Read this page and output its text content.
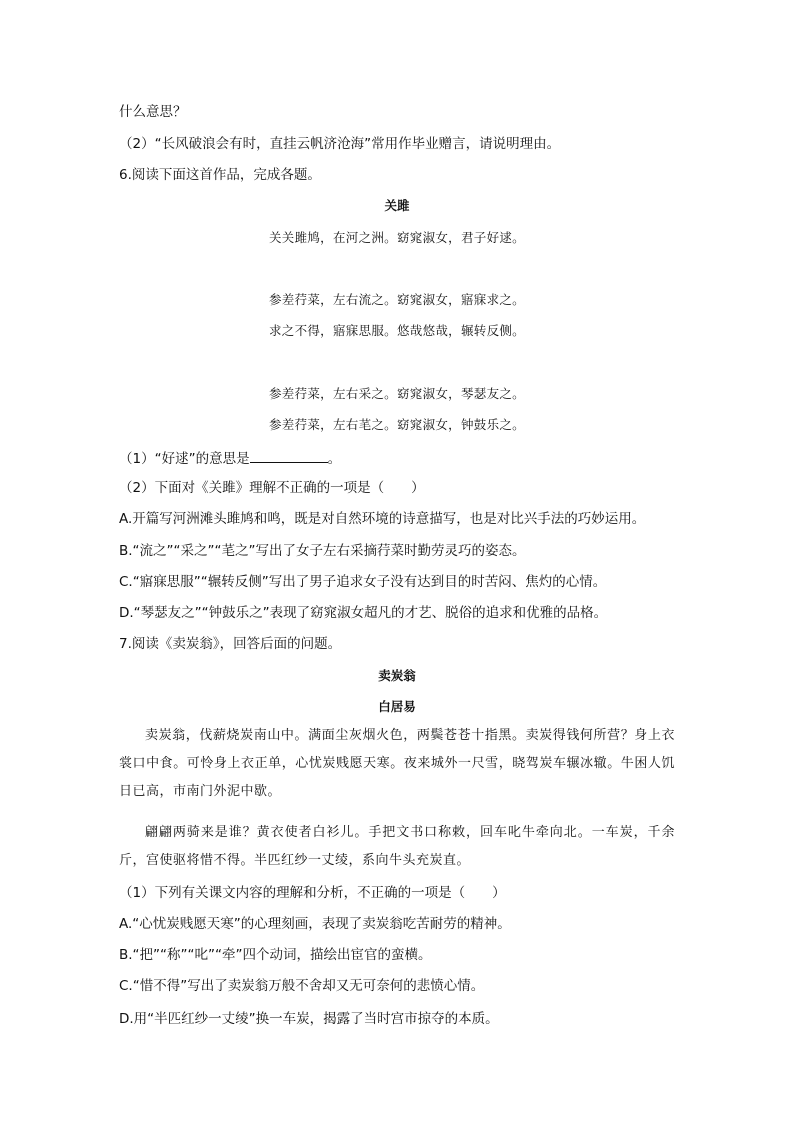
什么意思？
（2）“长风破浪会有时，直挂云帆济沧海”常用作毕业赠言，请说明理由。
6.阅读下面这首作品，完成各题。
关雎
关关雎鸠，在河之洲。窈窕淑女，君子好逑。
参差荇菜，左右流之。窈窕淑女，寤寐求之。
求之不得，寤寐思服。悠哉悠哉，辗转反侧。
参差荇菜，左右采之。窈窕淑女，琴瑟友之。
参差荇菜，左右芼之。窈窕淑女，钟鼓乐之。
（1）“好逑”的意思是	。
（2）下面对《关雎》理解不正确的一项是（　　）
A.开篇写河洲滩头雎鸠和鸣，既是对自然环境的诗意描写，也是对比兴手法的巧妙运用。
B.“流之”“采之”“芼之”写出了女子左右采摘荇菜时勤劳灵巧的姿态。
C.“寤寐思服”“辗转反侧”写出了男子追求女子没有达到目的时苦闷、焦灼的心情。
D.“琴瑟友之”“钟鼓乐之”表现了窈窕淑女超凡的才艺、脱俗的追求和优雅的品格。
7.阅读《卖炭翁》，回答后面的问题。
卖炭翁
白居易
卖炭翁，伐薪烧炭南山中。满面尘灰烟火色，两鬓苍苍十指黑。卖炭得钱何所营？身上衣裳口中食。可怜身上衣正单，心忧炭贱愿天寒。夜来城外一尺雪，晓驾炭车辗冰辙。牛困人饥日已高，市南门外泥中歇。
翩翩两骑来是谁？黄衣使者白衫儿。手把文书口称敕，回车叱牛牵向北。一车炭，千余斤，宫使驱将惜不得。半匹红纱一丈绫，系向牛头充炭直。
（1）下列有关课文内容的理解和分析，不正确的一项是（　　）
A.“心忧炭贱愿天寒”的心理刻画，表现了卖炭翁吃苦耐劳的精神。
B.“把”“称”“叱”“牵”四个动词，描绘出宦官的蛮横。
C.“惜不得”写出了卖炭翁万般不舍却又无可奈何的悲愤心情。
D.用“半匹红纱一丈绫”换一车炭，揭露了当时宫市掠夺的本质。
